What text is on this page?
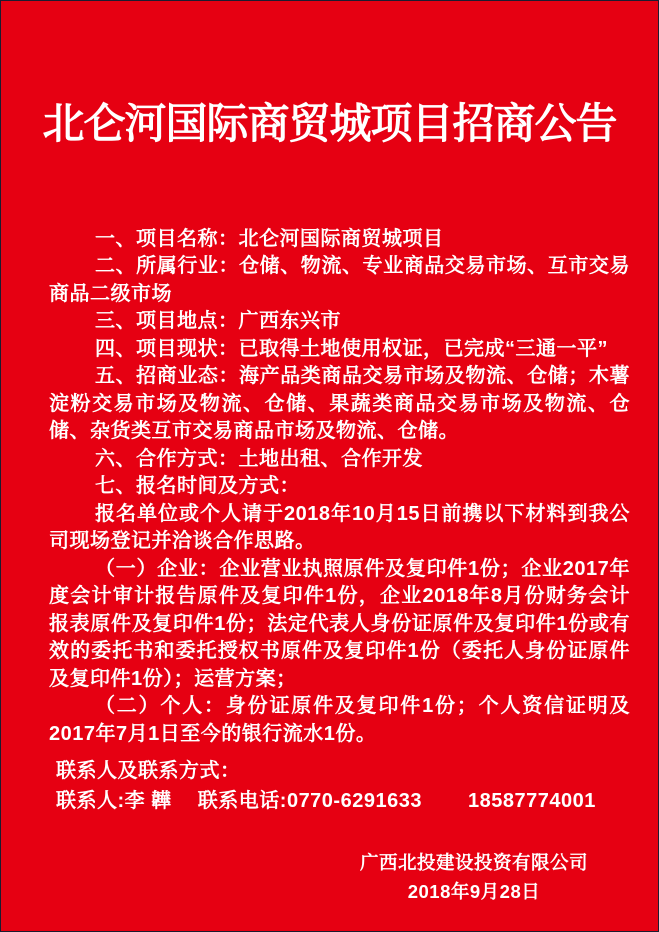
北仑河国际商贸城项目招商公告

一、项目名称：北仑河国际商贸城项目

二、所属行业：仓储、物流、专业商品交易市场、互市交易商品二级市场

三、项目地点：广西东兴市

四、项目现状：已取得土地使用权证，已完成“三通一平”

五、招商业态：海产品类商品交易市场及物流、仓储；木薯淀粉交易市场及物流、仓储、果蔬类商品交易市场及物流、仓储、杂货类互市交易商品市场及物流、仓储。

六、合作方式：土地出租、合作开发

七、报名时间及方式：

报名单位或个人请于2018年10月15日前携以下材料到我公司现场登记并洽谈合作思路。

（一）企业：企业营业执照原件及复印件1份；企业2017年度会计审计报告原件及复印件1份，企业2018年8月份财务会计报表原件及复印件1份；法定代表人身份证原件及复印件1份或有效的委托书和委托授权书原件及复印件1份（委托人身份证原件及复印件1份）；运营方案；

（二）个人：身份证原件及复印件1份；个人资信证明及2017年7月1日至今的银行流水1份。

联系人及联系方式：

联系人:李 韡 联系电话:0770-6291633 18587774001

广西北投建设投资有限公司

2018年9月28日
